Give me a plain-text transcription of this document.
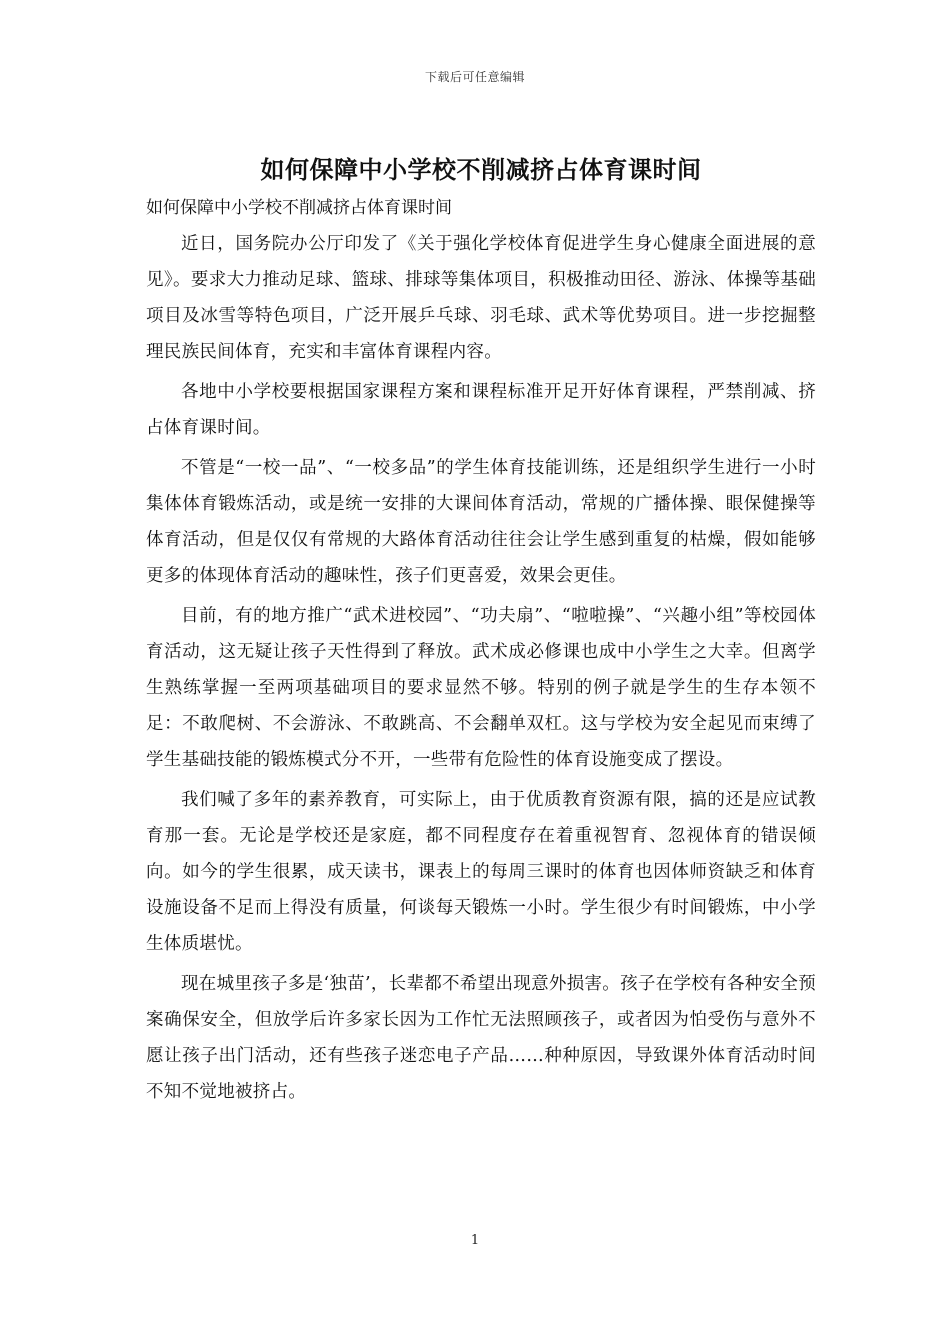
下载后可任意编辑
如何保障中小学校不削减挤占体育课时间

如何保障中小学校不削减挤占体育课时间

近日，国务院办公厅印发了《关于强化学校体育促进学生身心健康全面进展的意见》。要求大力推动足球、篮球、排球等集体项目，积极推动田径、游泳、体操等基础项目及冰雪等特色项目，广泛开展乒乓球、羽毛球、武术等优势项目。进一步挖掘整理民族民间体育，充实和丰富体育课程内容。

各地中小学校要根据国家课程方案和课程标准开足开好体育课程，严禁削减、挤占体育课时间。

不管是“一校一品”、“一校多品”的学生体育技能训练，还是组织学生进行一小时集体体育锻炼活动，或是统一安排的大课间体育活动，常规的广播体操、眼保健操等体育活动，但是仅仅有常规的大路体育活动往往会让学生感到重复的枯燥，假如能够更多的体现体育活动的趣味性，孩子们更喜爱，效果会更佳。

目前，有的地方推广“武术进校园”、“功夫扇”、“啦啦操”、“兴趣小组”等校园体育活动，这无疑让孩子天性得到了释放。武术成必修课也成中小学生之大幸。但离学生熟练掌握一至两项基础项目的要求显然不够。特别的例子就是学生的生存本领不足：不敢爬树、不会游泳、不敢跳高、不会翻单双杠。这与学校为安全起见而束缚了学生基础技能的锻炼模式分不开，一些带有危险性的体育设施变成了摆设。

我们喊了多年的素养教育，可实际上，由于优质教育资源有限，搞的还是应试教育那一套。无论是学校还是家庭，都不同程度存在着重视智育、忽视体育的错误倾向。如今的学生很累，成天读书，课表上的每周三课时的体育也因体师资缺乏和体育设施设备不足而上得没有质量，何谈每天锻炼一小时。学生很少有时间锻炼，中小学生体质堪忧。

现在城里孩子多是‘独苗’，长辈都不希望出现意外损害。孩子在学校有各种安全预案确保安全，但放学后许多家长因为工作忙无法照顾孩子，或者因为怕受伤与意外不愿让孩子出门活动，还有些孩子迷恋电子产品……种种原因，导致课外体育活动时间不知不觉地被挤占。

1
